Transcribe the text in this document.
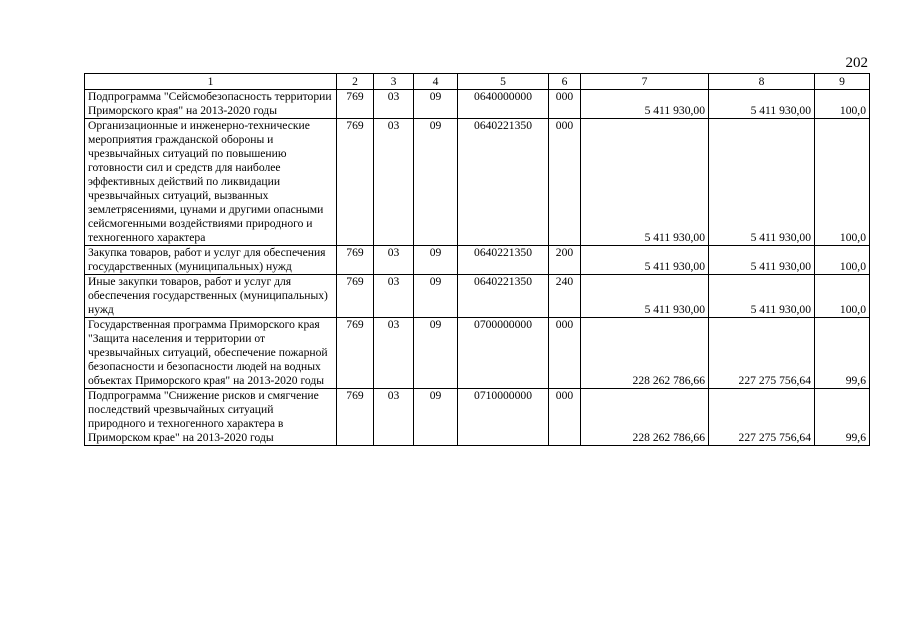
202
1	2	3	4	5	6	7	8	9
Подпрограмма "Сейсмобезопасность территории Приморского края" на 2013-2020 годы	769	03	09	0640000000	000	5 411 930,00	5 411 930,00	100,0
Организационные и инженерно-технические мероприятия гражданской обороны и чрезвычайных ситуаций по повышению готовности сил и средств для наиболее эффективных действий по ликвидации чрезвычайных ситуаций, вызванных землетрясениями, цунами и другими опасными сейсмогенными воздействиями природного и техногенного характера	769	03	09	0640221350	000	5 411 930,00	5 411 930,00	100,0
Закупка товаров, работ и услуг для обеспечения государственных (муниципальных) нужд	769	03	09	0640221350	200	5 411 930,00	5 411 930,00	100,0
Иные закупки товаров, работ и услуг для обеспечения государственных (муниципальных) нужд	769	03	09	0640221350	240	5 411 930,00	5 411 930,00	100,0
Государственная программа Приморского края "Защита населения и территории от чрезвычайных ситуаций, обеспечение пожарной безопасности и безопасности людей на водных объектах Приморского края" на 2013-2020 годы	769	03	09	0700000000	000	228 262 786,66	227 275 756,64	99,6
Подпрограмма "Снижение рисков и смягчение последствий чрезвычайных ситуаций природного и техногенного характера в Приморском крае" на 2013-2020 годы	769	03	09	0710000000	000	228 262 786,66	227 275 756,64	99,6
